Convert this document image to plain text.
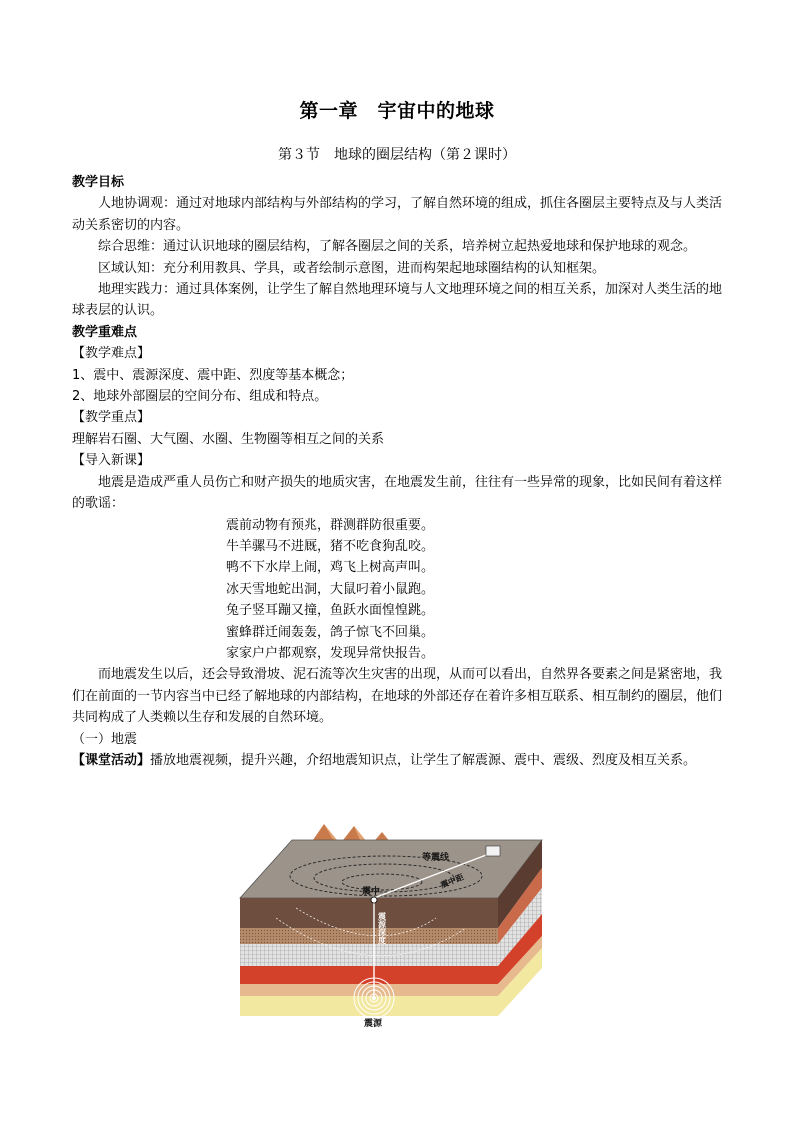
第一章　宇宙中的地球
第３节　地球的圈层结构（第２课时）

教学目标

人地协调观：通过对地球内部结构与外部结构的学习，了解自然环境的组成，抓住各圈层主要特点及与人类活动关系密切的内容。

综合思维：通过认识地球的圈层结构，了解各圈层之间的关系，培养树立起热爱地球和保护地球的观念。

区域认知：充分利用教具、学具，或者绘制示意图，进而构架起地球圈结构的认知框架。

地理实践力：通过具体案例，让学生了解自然地理环境与人文地理环境之间的相互关系，加深对人类生活的地球表层的认识。

教学重难点

【教学难点】

1、震中、震源深度、震中距、烈度等基本概念；

2、地球外部圈层的空间分布、组成和特点。

【教学重点】

理解岩石圈、大气圈、水圈、生物圈等相互之间的关系

【导入新课】

地震是造成严重人员伤亡和财产损失的地质灾害，在地震发生前，往往有一些异常的现象，比如民间有着这样的歌谣：

震前动物有预兆，群测群防很重要。

牛羊骡马不进厩，猪不吃食狗乱咬。

鸭不下水岸上闹，鸡飞上树高声叫。

冰天雪地蛇出洞，大鼠叼着小鼠跑。

兔子竖耳蹦又撞，鱼跃水面惶惶跳。

蜜蜂群迁闹轰轰，鸽子惊飞不回巢。

家家户户都观察，发现异常快报告。

而地震发生以后，还会导致滑坡、泥石流等次生灾害的出现，从而可以看出，自然界各要素之间是紧密地，我们在前面的一节内容当中已经了解地球的内部结构，在地球的外部还存在着许多相互联系、相互制约的圈层，他们共同构成了人类赖以生存和发展的自然环境。

（一）地震

【课堂活动】播放地震视频，提升兴趣，介绍地震知识点，让学生了解震源、震中、震级、烈度及相互关系。

等震线
震中
震中距
震源深度
震源
